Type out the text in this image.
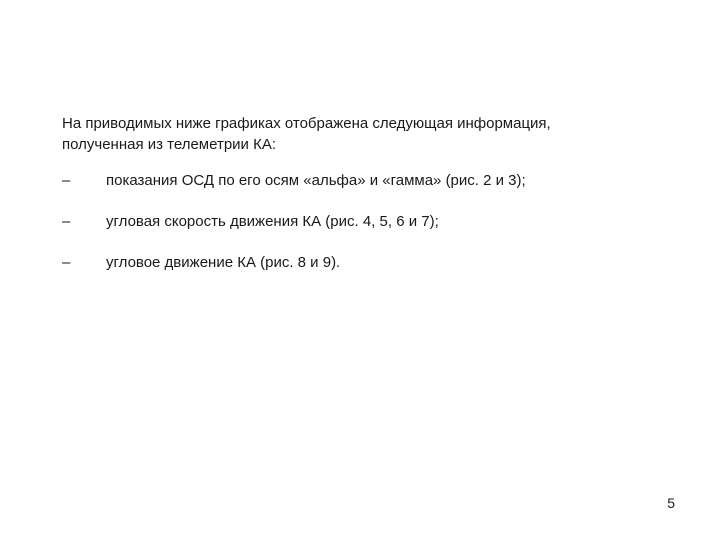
На приводимых ниже графиках отображена следующая информация,
полученная из телеметрии КА:

–	показания ОСД по его осям «альфа» и «гамма» (рис. 2 и 3);
–	угловая скорость движения КА (рис. 4, 5, 6 и 7);
–	угловое движение КА (рис. 8 и 9).
5
